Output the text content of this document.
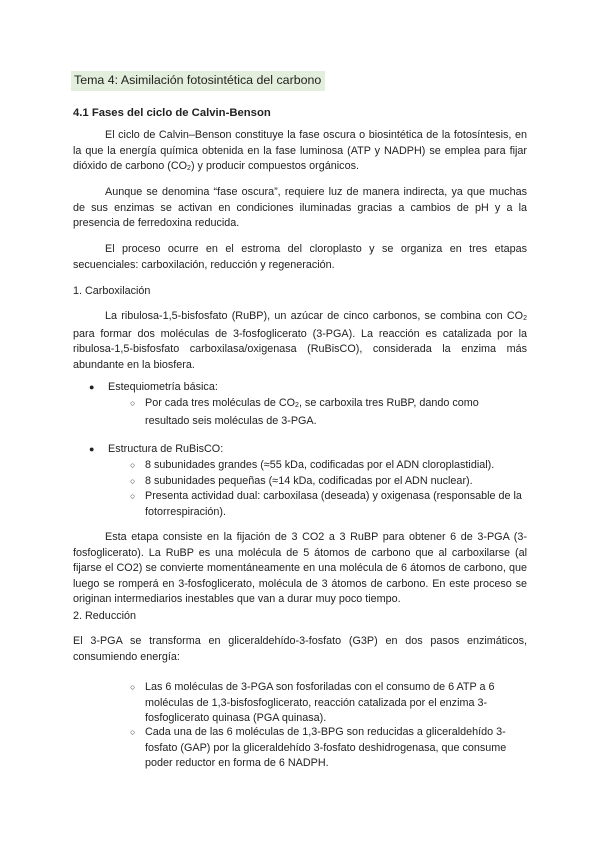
Tema 4: Asimilación fotosintética del carbono
4.1 Fases del ciclo de Calvin-Benson

El ciclo de Calvin–Benson constituye la fase oscura o biosintética de la fotosíntesis, en la que la energía química obtenida en la fase luminosa (ATP y NADPH) se emplea para fijar dióxido de carbono $(CO_2)$ y producir compuestos orgánicos.

Aunque se denomina “fase oscura”, requiere luz de manera indirecta, ya que muchas de sus enzimas se activan en condiciones iluminadas gracias a cambios de pH y a la presencia de ferredoxina reducida.

El proceso ocurre en el estroma del cloroplasto y se organiza en tres etapas secuenciales: carboxilación, reducción y regeneración.

1. Carboxilación

La ribulosa-1,5-bisfosfato (RuBP), un azúcar de cinco carbonos, se combina con $CO_2$ para formar dos moléculas de 3-fosfoglicerato (3-PGA). La reacción es catalizada por la ribulosa-1,5-bisfosfato carboxilasa/oxigenasa (RuBisCO), considerada la enzima más abundante en la biosfera.

● Estequiometría básica:

○ Por cada tres moléculas de $CO_2$, se carboxila tres RuBP, dando como resultado seis moléculas de 3-PGA.

● Estructura de RuBisCO:

○ 8 subunidades grandes (≈55 kDa, codificadas por el ADN cloroplastidial).

○ 8 subunidades pequeñas (≈14 kDa, codificadas por el ADN nuclear).

○ Presenta actividad dual: carboxilasa (deseada) y oxigenasa (responsable de la fotorrespiración).

Esta etapa consiste en la fijación de 3 CO2 a 3 RuBP para obtener 6 de 3-PGA (3-fosfoglicerato). La RuBP es una molécula de 5 átomos de carbono que al carboxilarse (al fijarse el CO2) se convierte momentáneamente en una molécula de 6 átomos de carbono, que luego se romperá en 3-fosfoglicerato, molécula de 3 átomos de carbono. En este proceso se originan intermediarios inestables que van a durar muy poco tiempo.

2. Reducción

El 3-PGA se transforma en gliceraldehído-3-fosfato (G3P) en dos pasos enzimáticos, consumiendo energía:

○ Las 6 moléculas de 3-PGA son fosforiladas con el consumo de 6 ATP a 6 moléculas de 1,3-bisfosfoglicerato, reacción catalizada por el enzima 3-fosfoglicerato quinasa (PGA quinasa).

○ Cada una de las 6 moléculas de 1,3-BPG son reducidas a gliceraldehído 3-fosfato (GAP) por la gliceraldehído 3-fosfato deshidrogenasa, que consume poder reductor en forma de 6 NADPH.
